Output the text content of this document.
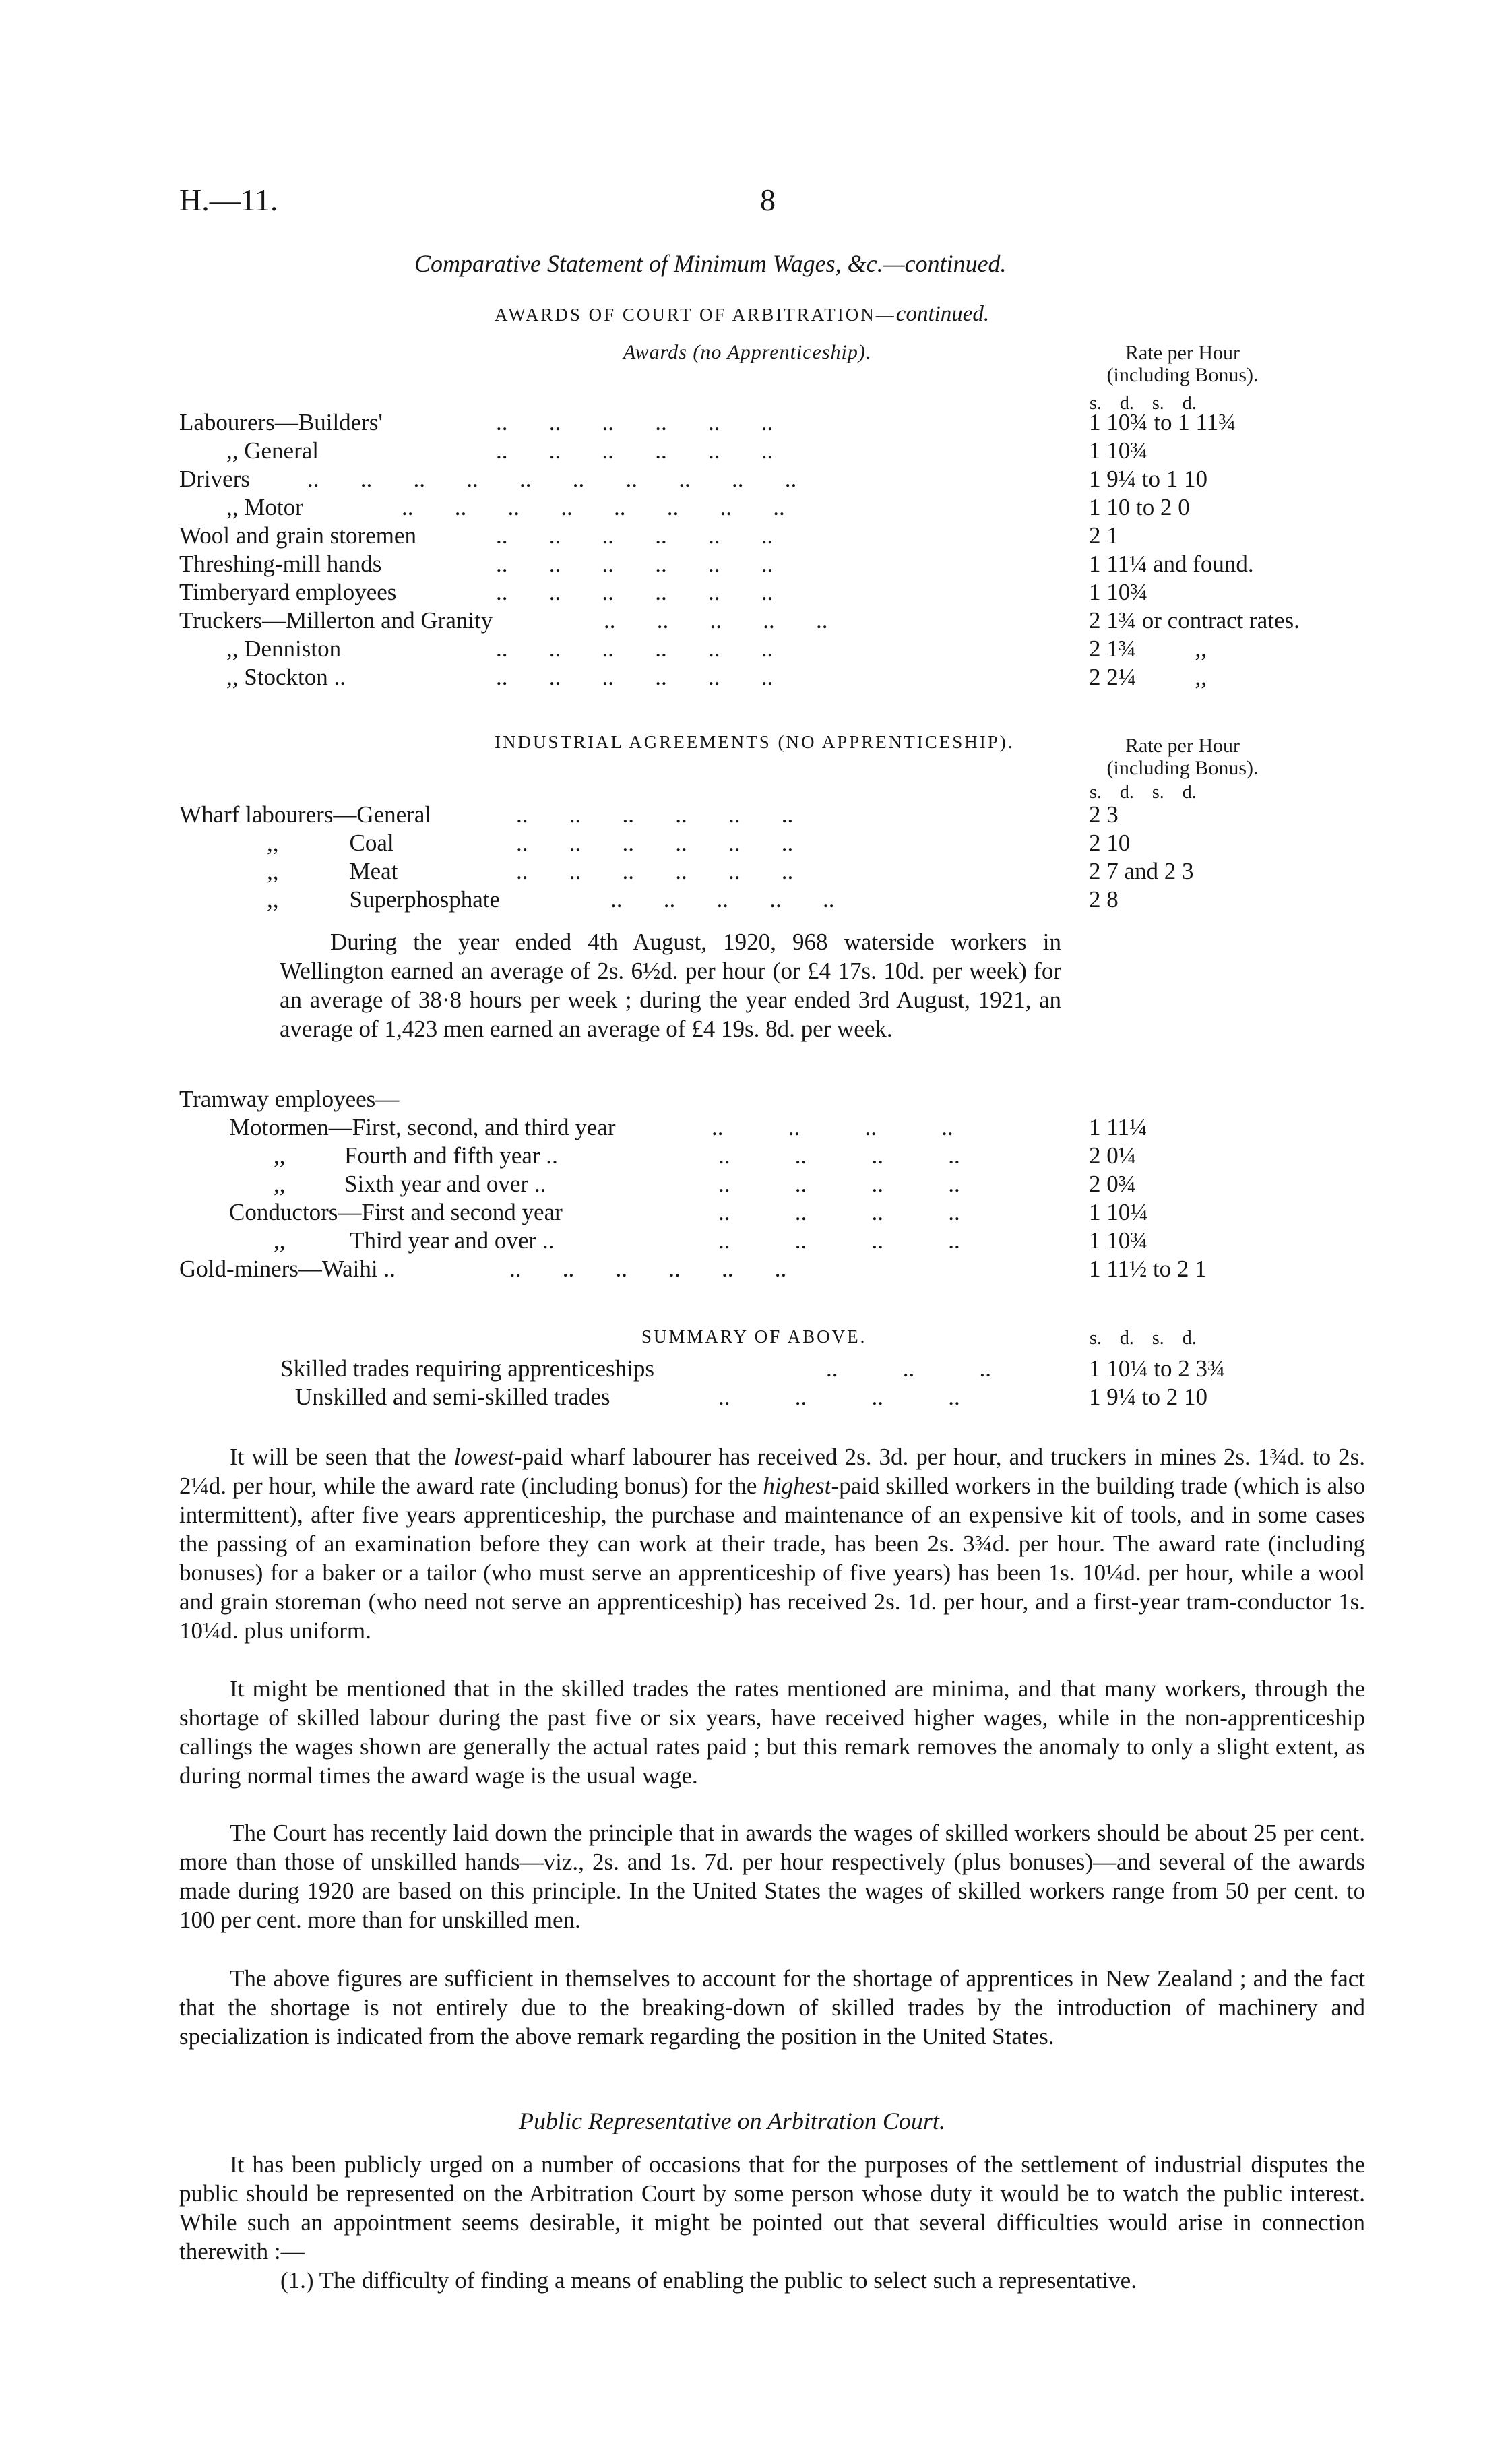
H.—11.	8
Comparative Statement of Minimum Wages, &c.—continued.
AWARDS OF COURT OF ARBITRATION—continued.
Awards (no Apprenticeship).	Rate per Hour
(including Bonus).
s. d. s. d.
Labourers—Builders'	..       ..       ..       ..       ..       ..	1 10¾ to 1 11¾
,, General	..       ..       ..       ..       ..       ..	1 10¾
Drivers ..       ..       ..       ..       ..       ..       ..       ..       ..       ..	1 9¼ to 1 10
,, Motor	..       ..       ..       ..       ..       ..       ..       ..	1 10 to 2 0
Wool and grain storemen	..       ..       ..       ..       ..       ..	2 1
Threshing-mill hands	..       ..       ..       ..       ..       ..	1 11¼ and found.
Timberyard employees	..       ..       ..       ..       ..       ..	1 10¾
Truckers—Millerton and Granity	..       ..       ..       ..       ..	2 1¾ or contract rates.
,, Denniston	..       ..       ..       ..       ..       ..	2 1¾          ,,
,, Stockton ..	..       ..       ..       ..       ..       ..	2 2¼          ,,
INDUSTRIAL AGREEMENTS (NO APPRENTICESHIP).	Rate per Hour
(including Bonus).
s. d. s. d.
Wharf labourers—General	..       ..       ..       ..       ..       ..	2 3
,,            Coal	..       ..       ..       ..       ..       ..	2 10
,,            Meat	..       ..       ..       ..       ..       ..	2 7 and 2 3
,,            Superphosphate	..       ..       ..       ..       ..	2 8
During the year ended 4th August, 1920, 968 waterside workers in Wellington earned an average of 2s. 6½d. per hour (or £4 17s. 10d. per week) for an average of 38·8 hours per week ; during the year ended 3rd August, 1921, an average of 1,423 men earned an average of £4 19s. 8d. per week.
Tramway employees—
Motormen—First, second, and third year	..           ..           ..           ..	1 11¼
,,          Fourth and fifth year ..	..           ..           ..           ..	2 0¼
,,          Sixth year and over ..	..           ..           ..           ..	2 0¾
Conductors—First and second year	..           ..           ..           ..	1 10¼
,,           Third year and over ..	..           ..           ..           ..	1 10¾
Gold-miners—Waihi ..	..       ..       ..       ..       ..       ..	1 11½ to 2 1
SUMMARY OF ABOVE.	s. d. s. d.
Skilled trades requiring apprenticeships	..           ..           ..	1 10¼ to 2 3¾
Unskilled and semi-skilled trades	..           ..           ..           ..	1 9¼ to 2 10
It will be seen that the lowest-paid wharf labourer has received 2s. 3d. per hour, and truckers in mines 2s. 1¾d. to 2s. 2¼d. per hour, while the award rate (including bonus) for the highest-paid skilled workers in the building trade (which is also intermittent), after five years apprenticeship, the purchase and maintenance of an expensive kit of tools, and in some cases the passing of an examination before they can work at their trade, has been 2s. 3¾d. per hour. The award rate (including bonuses) for a baker or a tailor (who must serve an apprenticeship of five years) has been 1s. 10¼d. per hour, while a wool and grain storeman (who need not serve an apprenticeship) has received 2s. 1d. per hour, and a first-year tram-conductor 1s. 10¼d. plus uniform.
It might be mentioned that in the skilled trades the rates mentioned are minima, and that many workers, through the shortage of skilled labour during the past five or six years, have received higher wages, while in the non-apprenticeship callings the wages shown are generally the actual rates paid ; but this remark removes the anomaly to only a slight extent, as during normal times the award wage is the usual wage.
The Court has recently laid down the principle that in awards the wages of skilled workers should be about 25 per cent. more than those of unskilled hands—viz., 2s. and 1s. 7d. per hour respectively (plus bonuses)—and several of the awards made during 1920 are based on this principle. In the United States the wages of skilled workers range from 50 per cent. to 100 per cent. more than for unskilled men.
The above figures are sufficient in themselves to account for the shortage of apprentices in New Zealand ; and the fact that the shortage is not entirely due to the breaking-down of skilled trades by the introduction of machinery and specialization is indicated from the above remark regarding the position in the United States.
Public Representative on Arbitration Court.
It has been publicly urged on a number of occasions that for the purposes of the settlement of industrial disputes the public should be represented on the Arbitration Court by some person whose duty it would be to watch the public interest. While such an appointment seems desirable, it might be pointed out that several difficulties would arise in connection therewith :—
(1.) The difficulty of finding a means of enabling the public to select such a representative.
